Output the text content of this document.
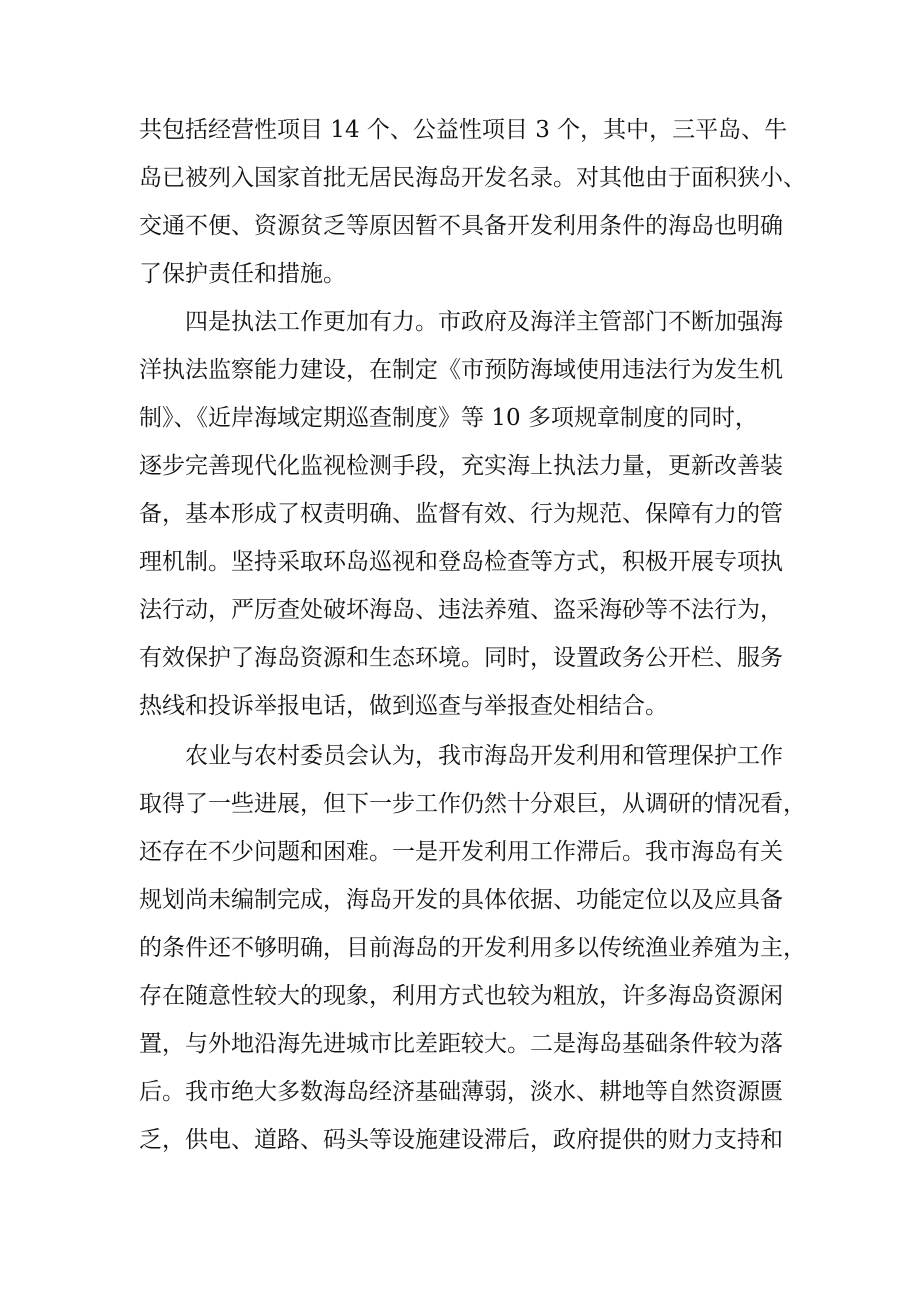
共包括经营性项目 14 个、公益性项目 3 个，其中，三平岛、牛

岛已被列入国家首批无居民海岛开发名录。对其他由于面积狭小、

交通不便、资源贫乏等原因暂不具备开发利用条件的海岛也明确

了保护责任和措施。

四是执法工作更加有力。市政府及海洋主管部门不断加强海

洋执法监察能力建设，在制定《市预防海域使用违法行为发生机

制》、《近岸海域定期巡查制度》等 10 多项规章制度的同时，

逐步完善现代化监视检测手段，充实海上执法力量，更新改善装

备，基本形成了权责明确、监督有效、行为规范、保障有力的管

理机制。坚持采取环岛巡视和登岛检查等方式，积极开展专项执

法行动，严厉查处破坏海岛、违法养殖、盗采海砂等不法行为，

有效保护了海岛资源和生态环境。同时，设置政务公开栏、服务

热线和投诉举报电话，做到巡查与举报查处相结合。

农业与农村委员会认为，我市海岛开发利用和管理保护工作

取得了一些进展，但下一步工作仍然十分艰巨，从调研的情况看，

还存在不少问题和困难。一是开发利用工作滞后。我市海岛有关

规划尚未编制完成，海岛开发的具体依据、功能定位以及应具备

的条件还不够明确，目前海岛的开发利用多以传统渔业养殖为主，

存在随意性较大的现象，利用方式也较为粗放，许多海岛资源闲

置，与外地沿海先进城市比差距较大。二是海岛基础条件较为落

后。我市绝大多数海岛经济基础薄弱，淡水、耕地等自然资源匮

乏，供电、道路、码头等设施建设滞后，政府提供的财力支持和
